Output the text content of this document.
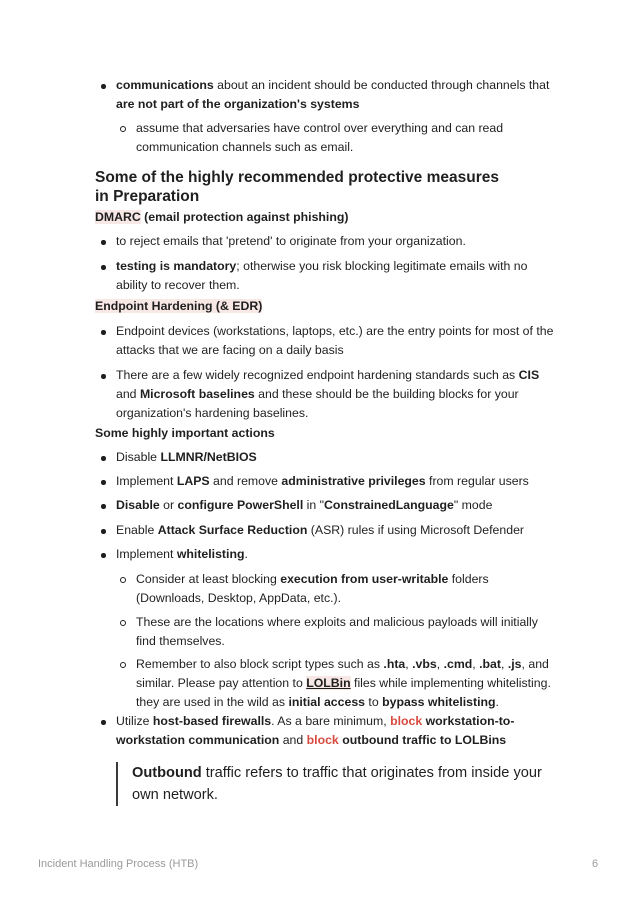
communications about an incident should be conducted through channels that are not part of the organization's systems
assume that adversaries have control over everything and can read communication channels such as email.
Some of the highly recommended protective measures in Preparation
DMARC (email protection against phishing)
to reject emails that 'pretend' to originate from your organization.
testing is mandatory; otherwise you risk blocking legitimate emails with no ability to recover them.
Endpoint Hardening (& EDR)
Endpoint devices (workstations, laptops, etc.) are the entry points for most of the attacks that we are facing on a daily basis
There are a few widely recognized endpoint hardening standards such as CIS and Microsoft baselines and these should be the building blocks for your organization's hardening baselines.
Some highly important actions
Disable LLMNR/NetBIOS
Implement LAPS and remove administrative privileges from regular users
Disable or configure PowerShell in "ConstrainedLanguage" mode
Enable Attack Surface Reduction (ASR) rules if using Microsoft Defender
Implement whitelisting.
Consider at least blocking execution from user-writable folders (Downloads, Desktop, AppData, etc.).
These are the locations where exploits and malicious payloads will initially find themselves.
Remember to also block script types such as .hta, .vbs, .cmd, .bat, .js, and similar. Please pay attention to LOLBin files while implementing whitelisting. they are used in the wild as initial access to bypass whitelisting.
Utilize host-based firewalls. As a bare minimum, block workstation-to-workstation communication and block outbound traffic to LOLBins
Outbound traffic refers to traffic that originates from inside your own network.
Incident Handling Process (HTB)	6
